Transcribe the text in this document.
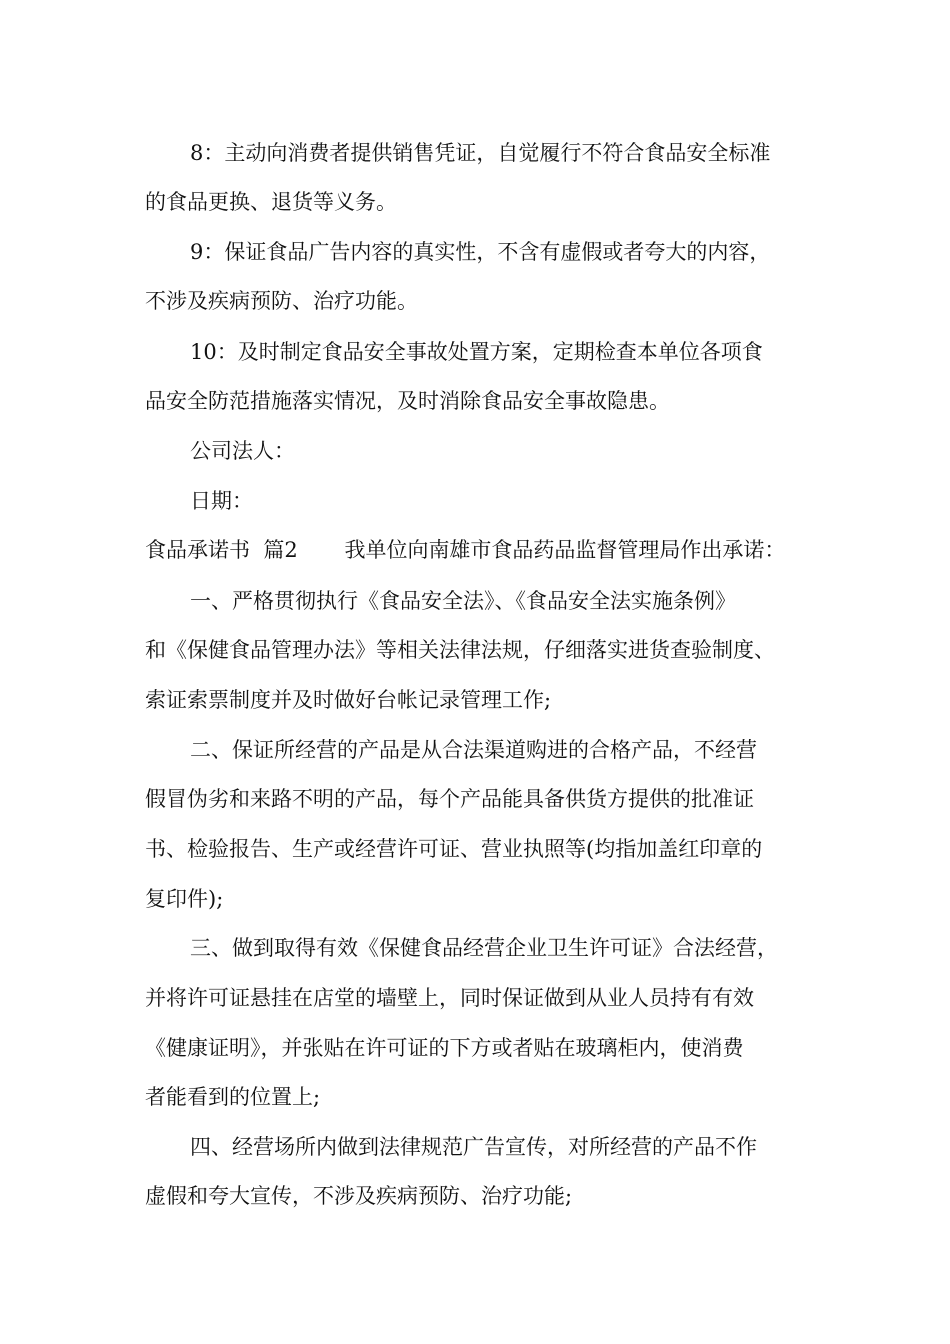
8：主动向消费者提供销售凭证，自觉履行不符合食品安全标准
的食品更换、退货等义务。
9：保证食品广告内容的真实性，不含有虚假或者夸大的内容，
不涉及疾病预防、治疗功能。
10：及时制定食品安全事故处置方案，定期检查本单位各项食
品安全防范措施落实情况，及时消除食品安全事故隐患。
公司法人：
日期：
食品承诺书  篇2       我单位向南雄市食品药品监督管理局作出承诺：
一、严格贯彻执行《食品安全法》、《食品安全法实施条例》
和《保健食品管理办法》等相关法律法规，仔细落实进货查验制度、
索证索票制度并及时做好台帐记录管理工作;
二、保证所经营的产品是从合法渠道购进的合格产品，不经营
假冒伪劣和来路不明的产品，每个产品能具备供货方提供的批准证
书、检验报告、生产或经营许可证、营业执照等(均指加盖红印章的
复印件);
三、做到取得有效《保健食品经营企业卫生许可证》合法经营，
并将许可证悬挂在店堂的墙壁上，同时保证做到从业人员持有有效
《健康证明》，并张贴在许可证的下方或者贴在玻璃柜内，使消费
者能看到的位置上;
四、经营场所内做到法律规范广告宣传，对所经营的产品不作
虚假和夸大宣传，不涉及疾病预防、治疗功能;
